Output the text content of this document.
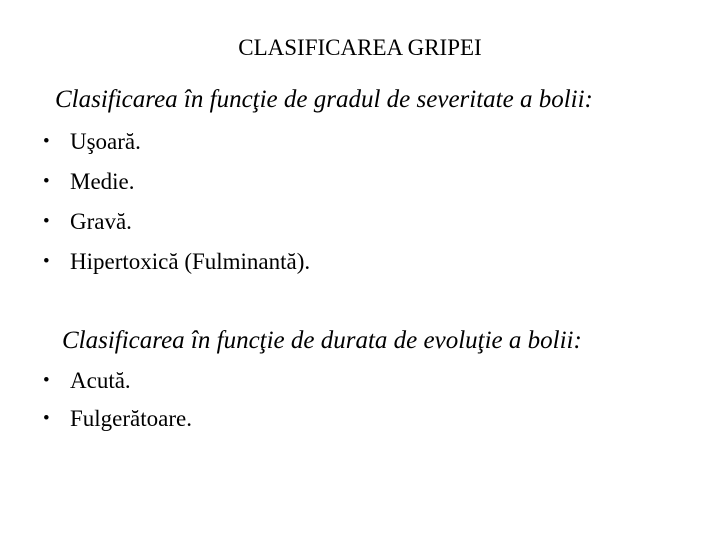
CLASIFICAREA GRIPEI
Clasificarea în funcţie de gradul de severitate a bolii:
• Uşoară.
• Medie.
• Gravă.
• Hipertoxică (Fulminantă).
Clasificarea în funcţie de durata de evoluţie a bolii:
• Acută.
• Fulgerătoare.
